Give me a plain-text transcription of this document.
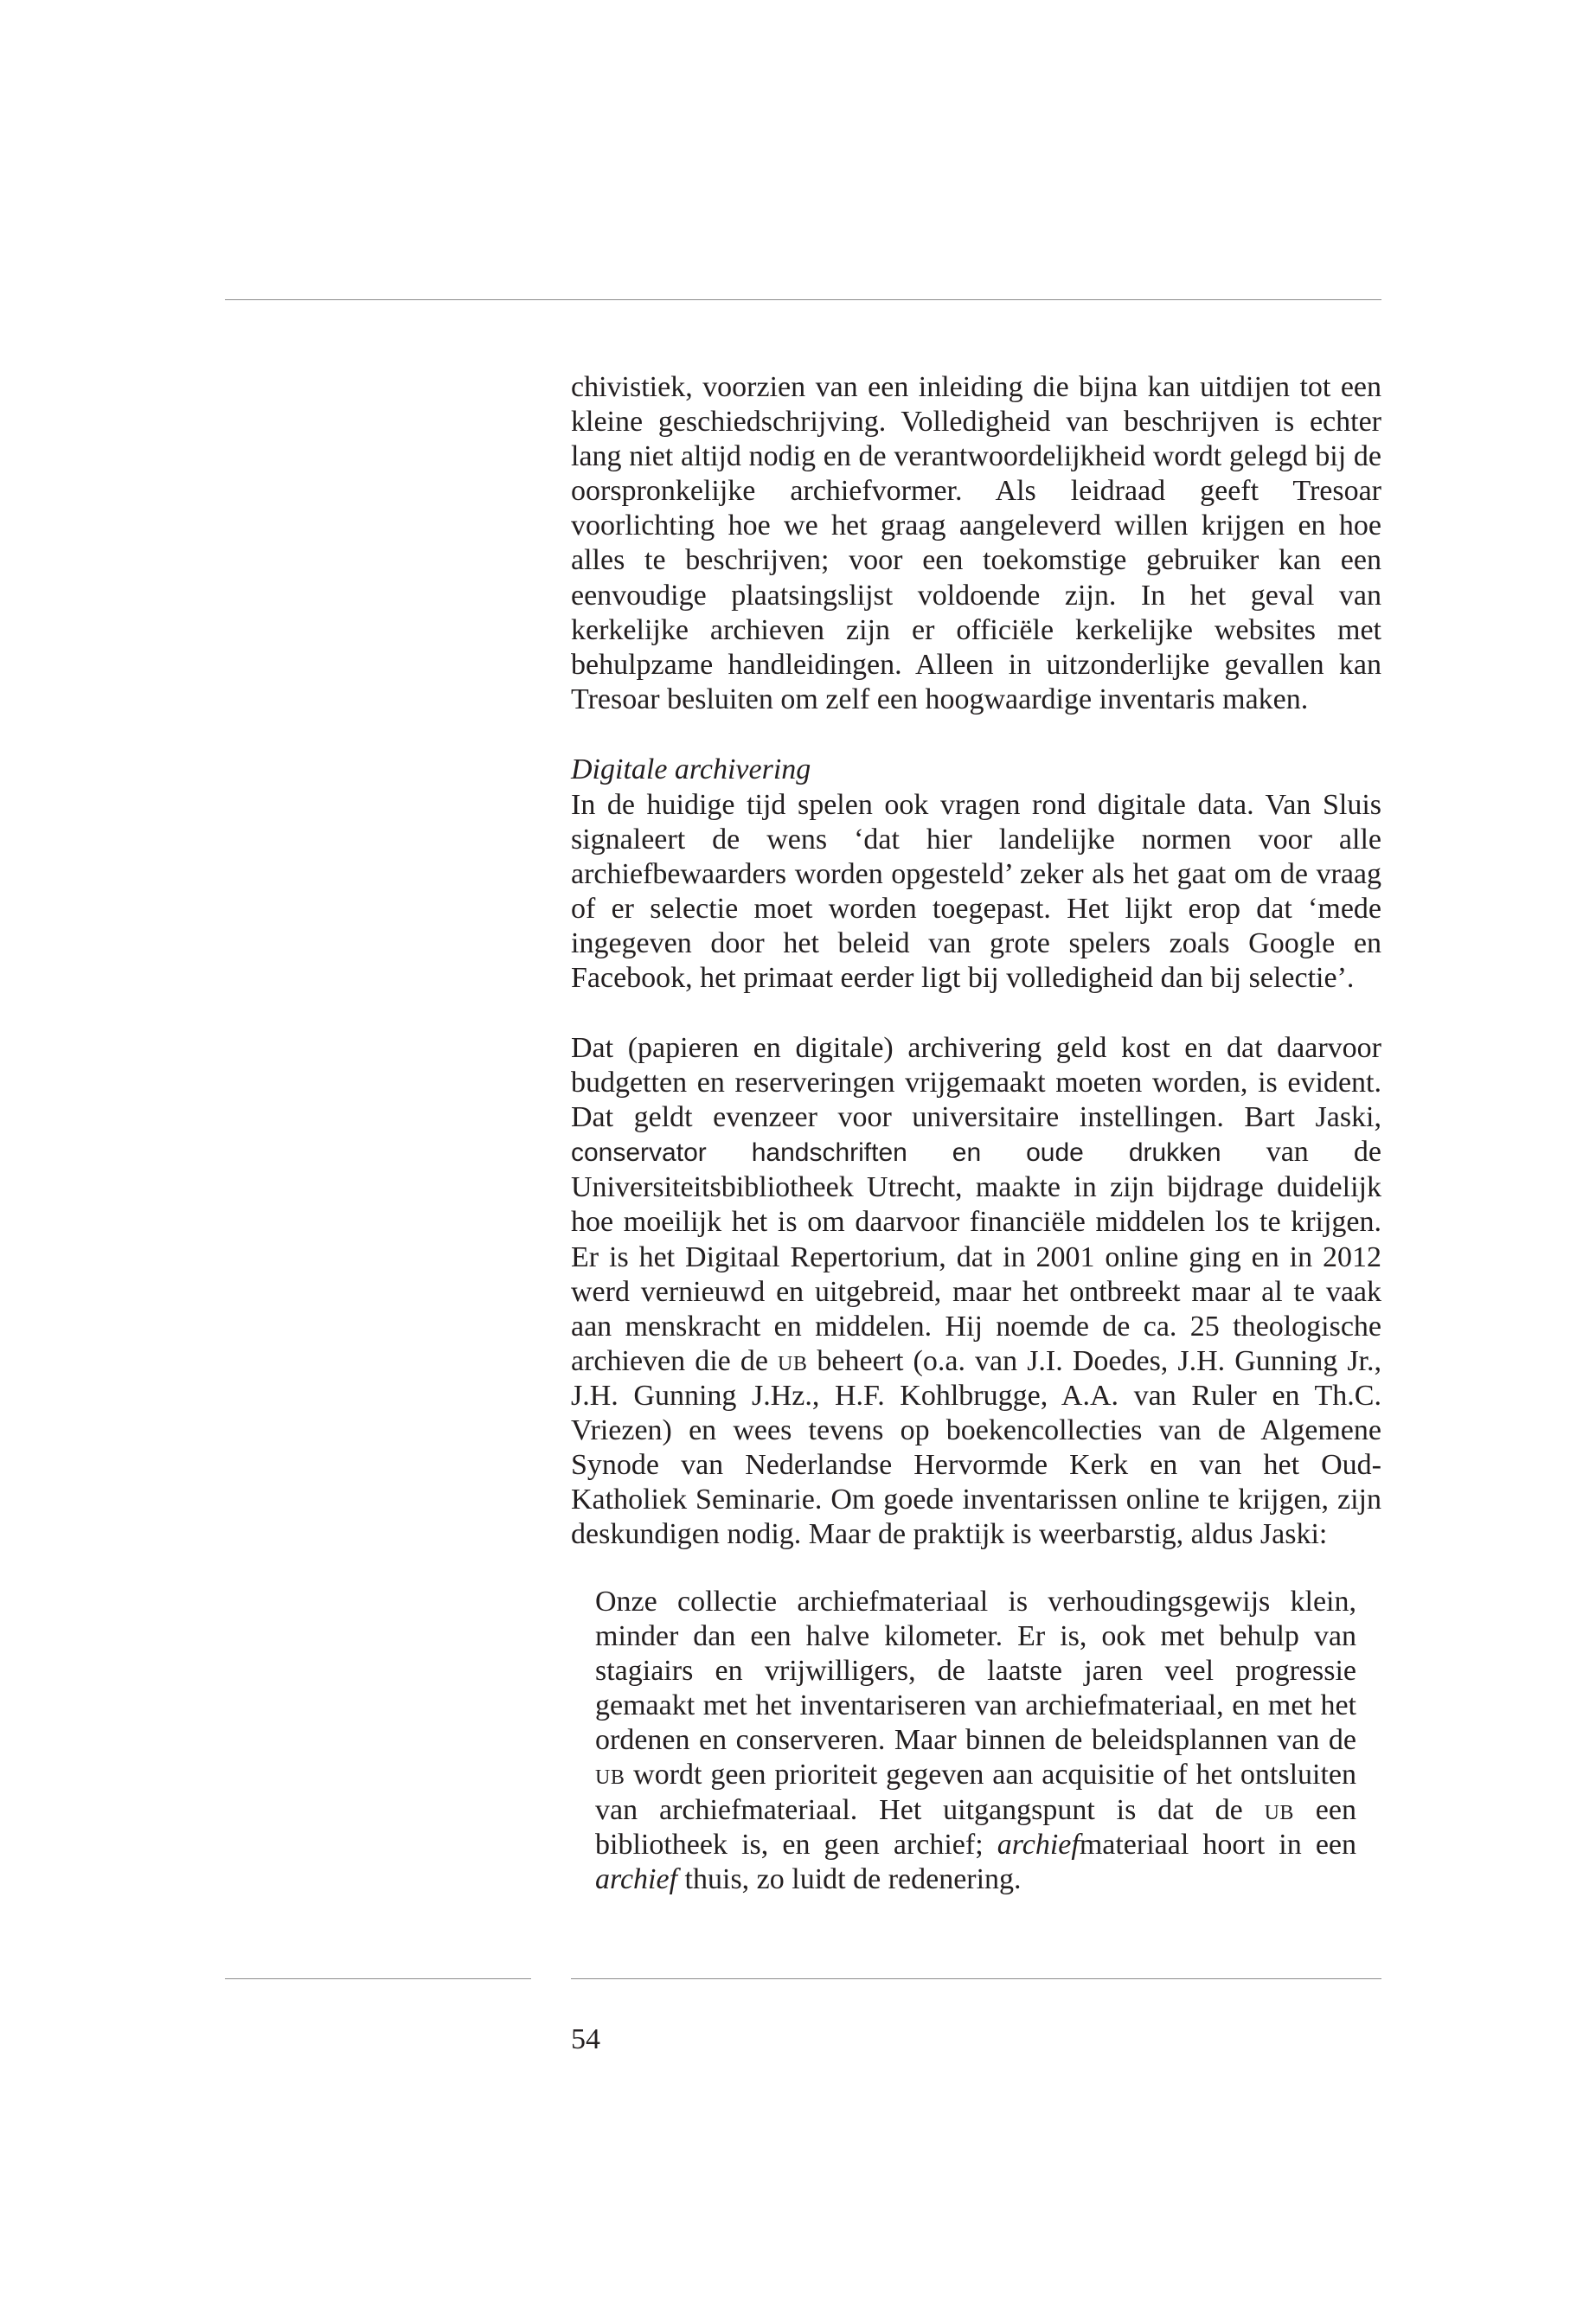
chivistiek, voorzien van een inleiding die bijna kan uitdijen tot een kleine geschiedschrijving. Volledigheid van beschrijven is echter lang niet altijd nodig en de verantwoordelijkheid wordt gelegd bij de oorspronkelijke archiefvormer. Als leidraad geeft Tresoar voorlichting hoe we het graag aangeleverd willen krijgen en hoe alles te beschrijven; voor een toekomstige gebruiker kan een eenvoudige plaatsingslijst voldoende zijn. In het geval van kerkelijke archieven zijn er officiële kerkelijke websites met behulpzame handleidingen. Alleen in uitzonderlijke gevallen kan Tresoar besluiten om zelf een hoogwaardige inventaris maken.

Digitale archivering

In de huidige tijd spelen ook vragen rond digitale data. Van Sluis signaleert de wens ‘dat hier landelijke normen voor alle archiefbewaarders worden opgesteld’ zeker als het gaat om de vraag of er selectie moet worden toegepast. Het lijkt erop dat ‘mede ingegeven door het beleid van grote spelers zoals Google en Facebook, het primaat eerder ligt bij volledigheid dan bij selectie’.

Dat (papieren en digitale) archivering geld kost en dat daarvoor budgetten en reserveringen vrijgemaakt moeten worden, is evident. Dat geldt evenzeer voor universitaire instellingen. Bart Jaski, conservator handschriften en oude drukken van de Universiteitsbibliotheek Utrecht, maakte in zijn bijdrage duidelijk hoe moeilijk het is om daarvoor financiële middelen los te krijgen. Er is het Digitaal Repertorium, dat in 2001 online ging en in 2012 werd vernieuwd en uitgebreid, maar het ontbreekt maar al te vaak aan menskracht en middelen. Hij noemde de ca. 25 theologische archieven die de ub beheert (o.a. van J.I. Doedes, J.H. Gunning Jr., J.H. Gunning J.Hz., H.F. Kohlbrugge, A.A. van Ruler en Th.C. Vriezen) en wees tevens op boekencollecties van de Algemene Synode van Nederlandse Hervormde Kerk en van het Oud-Katholiek Seminarie. Om goede inventarissen online te krijgen, zijn deskundigen nodig. Maar de praktijk is weerbarstig, aldus Jaski:

Onze collectie archiefmateriaal is verhoudingsgewijs klein, minder dan een halve kilometer. Er is, ook met behulp van stagiairs en vrijwilligers, de laatste jaren veel progressie gemaakt met het inventariseren van archiefmateriaal, en met het ordenen en conserveren. Maar binnen de beleidsplannen van de ub wordt geen prioriteit gegeven aan acquisitie of het ontsluiten van archiefmateriaal. Het uitgangspunt is dat de ub een bibliotheek is, en geen archief; archiefmateriaal hoort in een archief thuis, zo luidt de redenering.

54
